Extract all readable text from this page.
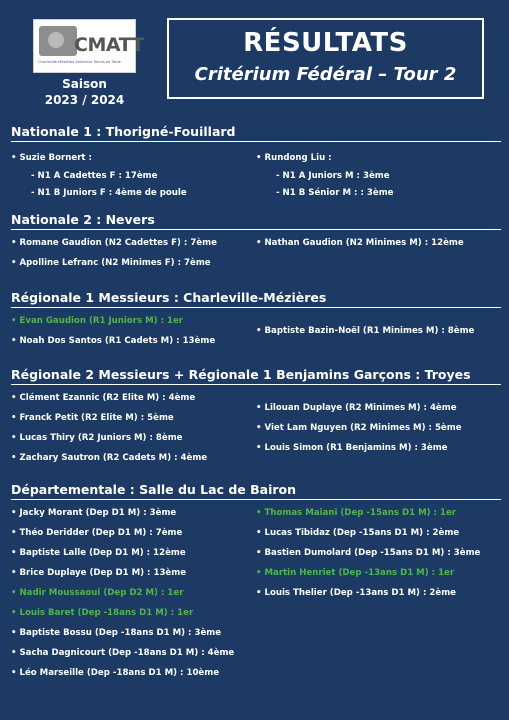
CMATT
Charleville-Mézières Ardennes Tennis de Table
Saison
2023 / 2024
RÉSULTATS
Critérium Fédéral – Tour 2
Nationale 1 : Thorigné-Fouillard
• Suzie Bornert :
- N1 A Cadettes F : 17ème
- N1 B Juniors F : 4ème de poule
• Rundong Liu :
- N1 A Juniors M : 3ème
- N1 B Sénior M : : 3ème
Nationale 2 : Nevers
• Romane Gaudion (N2 Cadettes F) : 7ème
• Apolline Lefranc (N2 Minimes F) : 7ème
• Nathan Gaudion (N2 Minimes M) : 12ème
Régionale 1 Messieurs : Charleville-Mézières
• Evan Gaudion (R1 Juniors M) : 1er
• Noah Dos Santos (R1 Cadets M) : 13ème
• Baptiste Bazin-Noël (R1 Minimes M) : 8ème
Régionale 2 Messieurs + Régionale 1 Benjamins Garçons : Troyes
• Clément Ezannic (R2 Elite M) : 4ème
• Franck Petit (R2 Elite M) : 5ème
• Lucas Thiry (R2 Juniors M) : 8ème
• Zachary Sautron (R2 Cadets M) : 4ème
• Lilouan Duplaye (R2 Minimes M) : 4ème
• Viet Lam Nguyen (R2 Minimes M) : 5ème
• Louis Simon (R1 Benjamins M) : 3ème
Départementale : Salle du Lac de Bairon
• Jacky Morant (Dep D1 M) : 3ème
• Théo Deridder (Dep D1 M) : 7ème
• Baptiste Lalle (Dep D1 M) : 12ème
• Brice Duplaye (Dep D1 M) : 13ème
• Nadir Moussaoui (Dep D2 M) : 1er
• Louis Baret (Dep -18ans D1 M) : 1er
• Baptiste Bossu (Dep -18ans D1 M) : 3ème
• Sacha Dagnicourt (Dep -18ans D1 M) : 4ème
• Léo Marseille (Dep -18ans D1 M) : 10ème
• Thomas Maiani (Dep -15ans D1 M) : 1er
• Lucas Tibidaz (Dep -15ans D1 M) : 2ème
• Bastien Dumolard (Dep -15ans D1 M) : 3ème
• Martin Henriet (Dep -13ans D1 M) : 1er
• Louis Thelier (Dep -13ans D1 M) : 2ème
